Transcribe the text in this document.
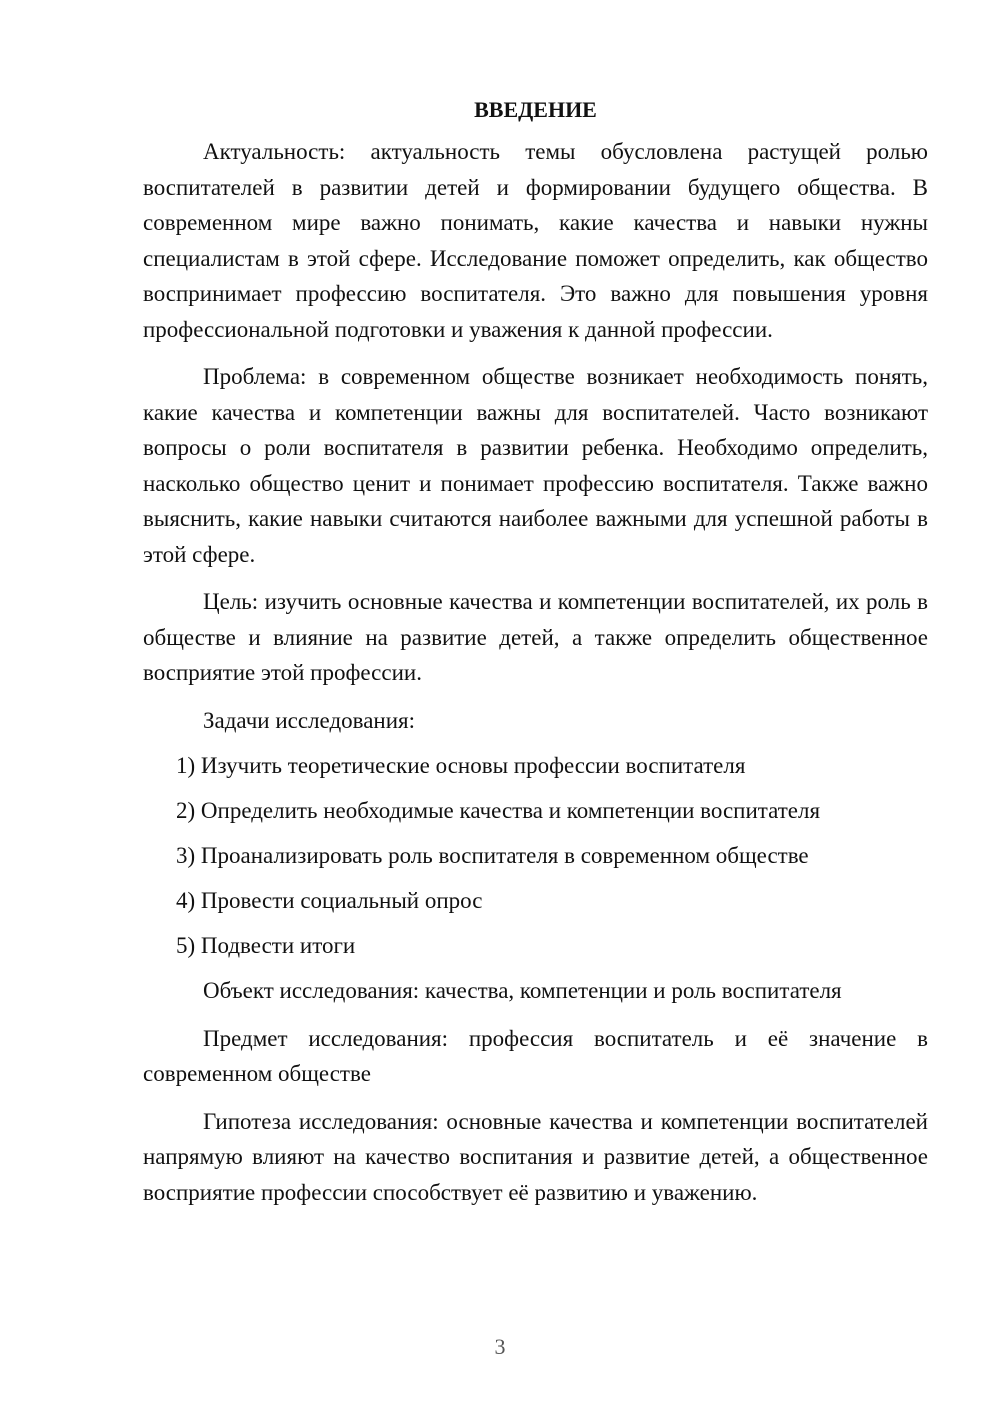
ВВЕДЕНИЕ

Актуальность: актуальность темы обусловлена растущей ролью воспитателей в развитии детей и формировании будущего общества. В современном мире важно понимать, какие качества и навыки нужны специалистам в этой сфере. Исследование поможет определить, как общество воспринимает профессию воспитателя. Это важно для повышения уровня профессиональной подготовки и уважения к данной профессии.

Проблема: в современном обществе возникает необходимость понять, какие качества и компетенции важны для воспитателей. Часто возникают вопросы о роли воспитателя в развитии ребенка. Необходимо определить, насколько общество ценит и понимает профессию воспитателя. Также важно выяснить, какие навыки считаются наиболее важными для успешной работы в этой сфере.

Цель: изучить основные качества и компетенции воспитателей, их роль в обществе и влияние на развитие детей, а также определить общественное восприятие этой профессии.

Задачи исследования:

1) Изучить теоретические основы профессии воспитателя
2) Определить необходимые качества и компетенции воспитателя
3) Проанализировать роль воспитателя в современном обществе
4) Провести социальный опрос
5) Подвести итоги

Объект исследования: качества, компетенции и роль воспитателя

Предмет исследования: профессия воспитатель и её значение в современном обществе

Гипотеза исследования: основные качества и компетенции воспитателей напрямую влияют на качество воспитания и развитие детей, а общественное восприятие профессии способствует её развитию и уважению.

3
